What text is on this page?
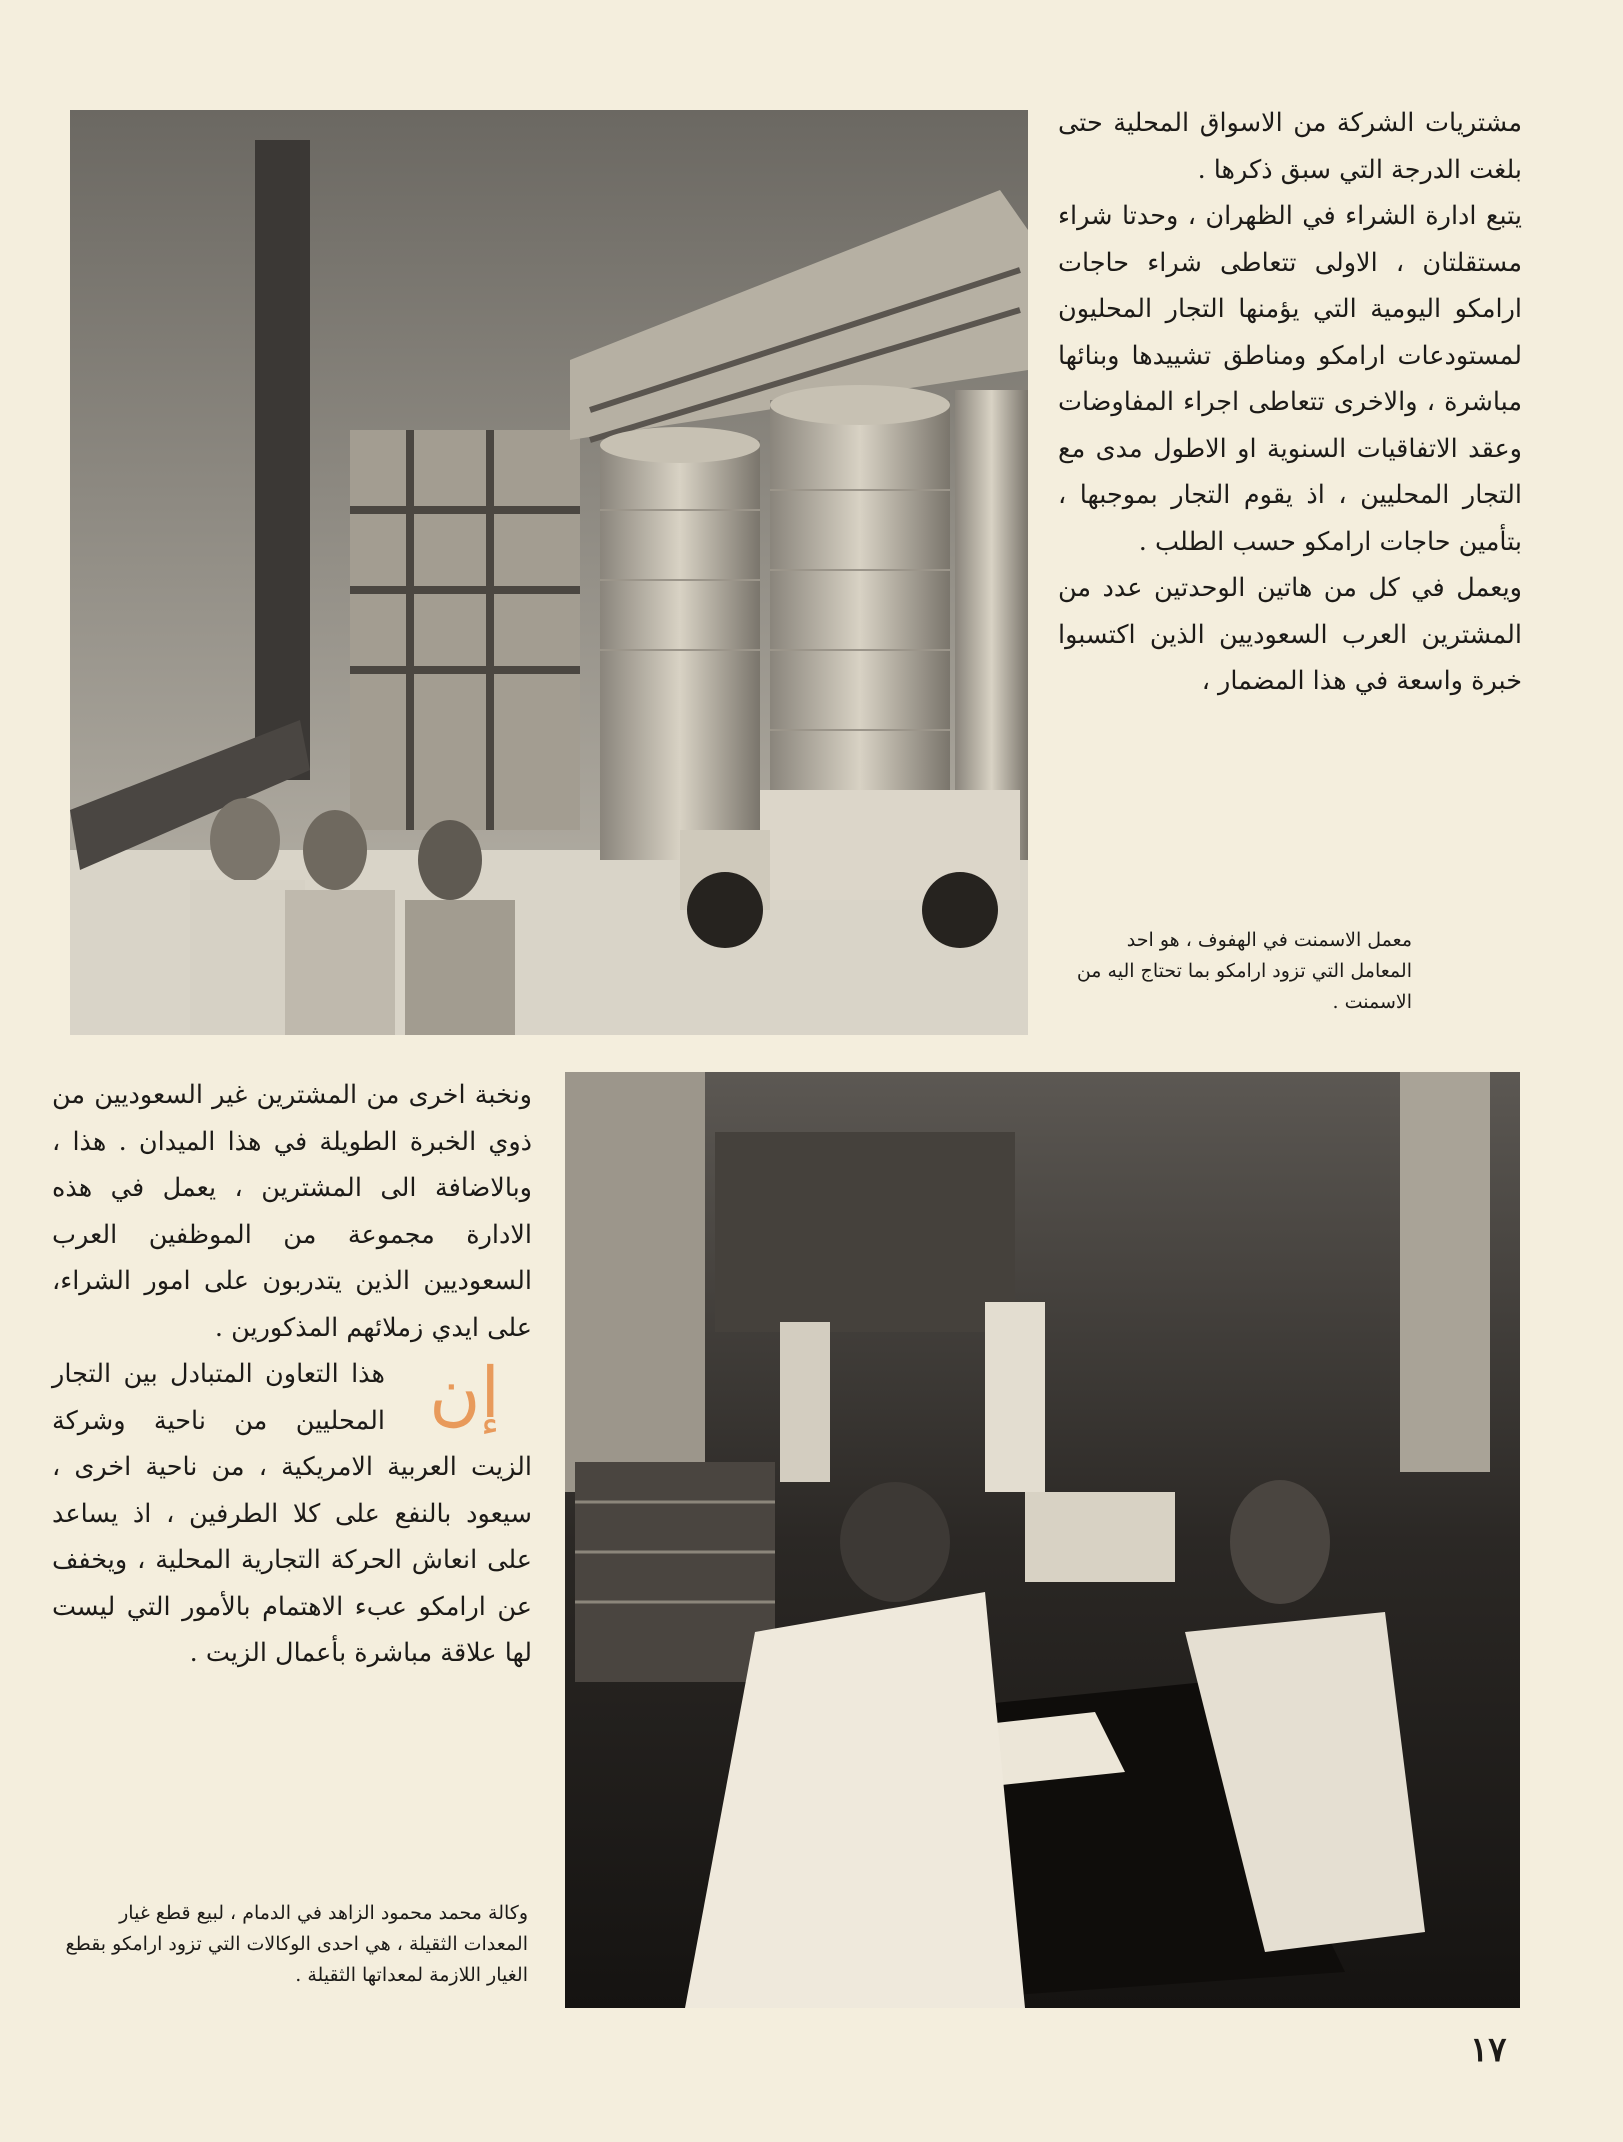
مشتريات الشركة من الاسواق المحلية حتى بلغت الدرجة التي سبق ذكرها .

يتبع ادارة الشراء في الظهران ، وحدتا شراء مستقلتان ، الاولى تتعاطى شراء حاجات ارامكو اليومية التي يؤمنها التجار المحليون لمستودعات ارامكو ومناطق تشييدها وبنائها مباشرة ، والاخرى تتعاطى اجراء المفاوضات وعقد الاتفاقيات السنوية او الاطول مدى مع التجار المحليين ، اذ يقوم التجار بموجبها ، بتأمين حاجات ارامكو حسب الطلب .

ويعمل في كل من هاتين الوحدتين عدد من المشترين العرب السعوديين الذين اكتسبوا خبرة واسعة في هذا المضمار ،

معمل الاسمنت في الهفوف ، هو احد المعامل التي تزود ارامكو بما تحتاج اليه من الاسمنت .

ونخبة اخرى من المشترين غير السعوديين من ذوي الخبرة الطويلة في هذا الميدان . هذا ، وبالاضافة الى المشترين ، يعمل في هذه الادارة مجموعة من الموظفين العرب السعوديين الذين يتدربون على امور الشراء، على ايدي زملائهم المذكورين .

إن

هذا التعاون المتبادل بين التجار المحليين من ناحية وشركة الزيت العربية الامريكية ، من ناحية اخرى ، سيعود بالنفع على كلا الطرفين ، اذ يساعد على انعاش الحركة التجارية المحلية ، ويخفف عن ارامكو عبء الاهتمام بالأمور التي ليست لها علاقة مباشرة بأعمال الزيت .

وكالة محمد محمود الزاهد في الدمام ، لبيع قطع غيار المعدات الثقيلة ، هي احدى الوكالات التي تزود ارامكو بقطع الغيار اللازمة لمعداتها الثقيلة .
١٧
